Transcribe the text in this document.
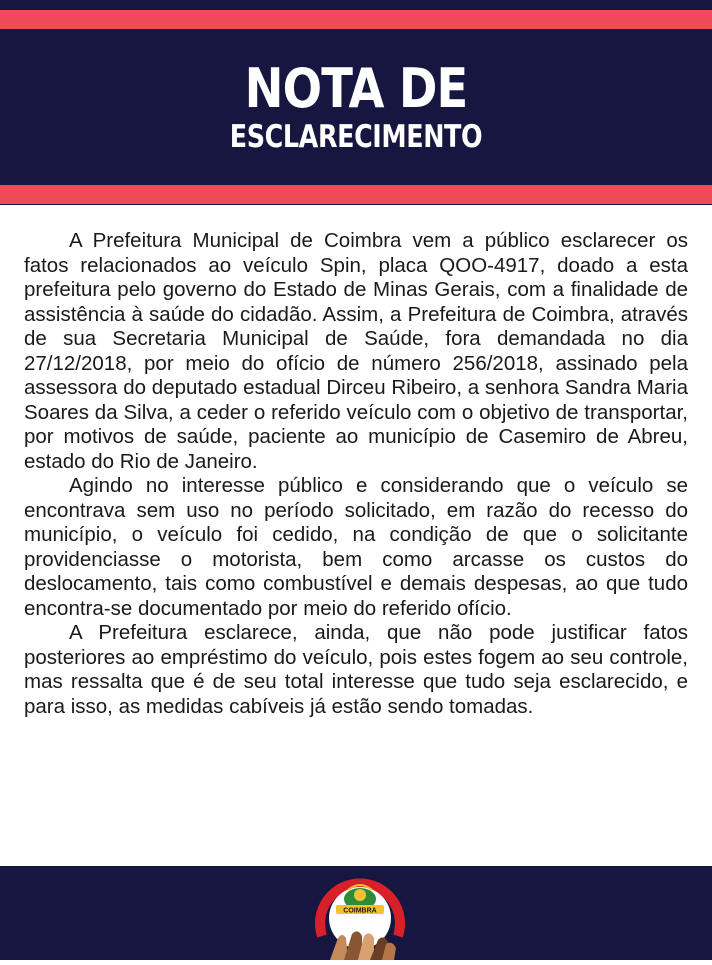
NOTA DE
ESCLARECIMENTO

A Prefeitura Municipal de Coimbra vem a público esclarecer os fatos relacionados ao veículo Spin, placa QOO-4917, doado a esta prefeitura pelo governo do Estado de Minas Gerais, com a finalidade de assistência à saúde do cidadão. Assim, a Prefeitura de Coimbra, através de sua Secretaria Municipal de Saúde, fora demandada no dia 27/12/2018, por meio do ofício de número 256/2018, assinado pela assessora do deputado estadual Dirceu Ribeiro, a senhora Sandra Maria Soares da Silva, a ceder o referido veículo com o objetivo de transportar, por motivos de saúde, paciente ao município de Casemiro de Abreu, estado do Rio de Janeiro.

Agindo no interesse público e considerando que o veículo se encontrava sem uso no período solicitado, em razão do recesso do município, o veículo foi cedido, na condição de que o solicitante providenciasse o motorista, bem como arcasse os custos do deslocamento, tais como combustível e demais despesas, ao que tudo encontra-se documentado por meio do referido ofício.

A Prefeitura esclarece, ainda, que não pode justificar fatos posteriores ao empréstimo do veículo, pois estes fogem ao seu controle, mas ressalta que é de seu total interesse que tudo seja esclarecido, e para isso, as medidas cabíveis já estão sendo tomadas.

COIMBRA
